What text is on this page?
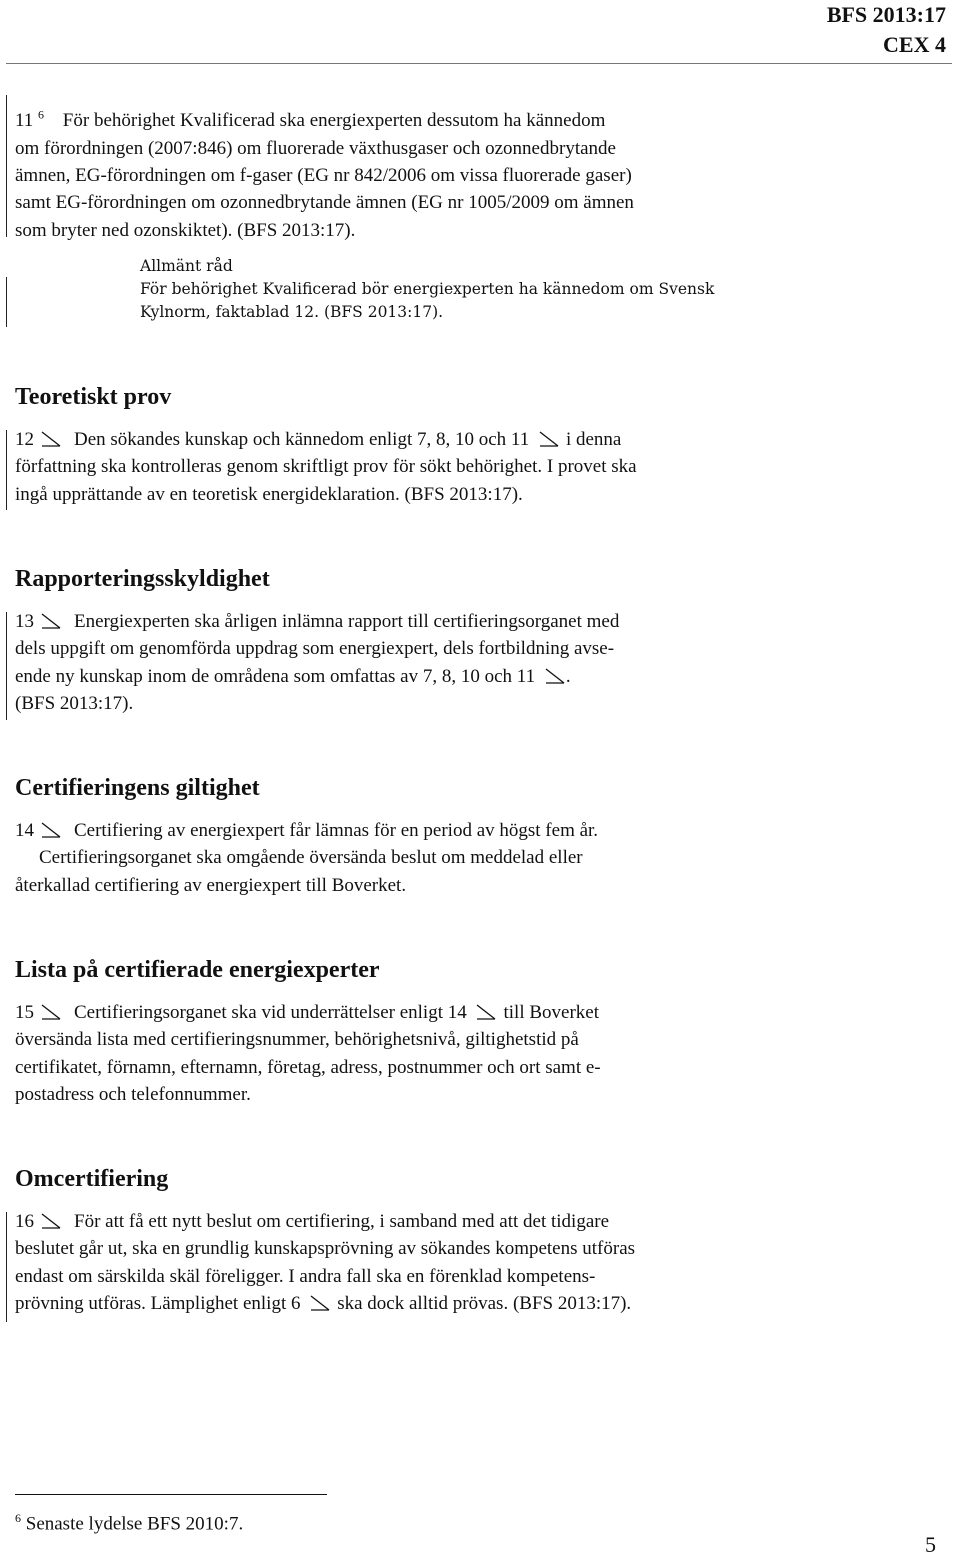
BFS 2013:17
CEX 4
11 $^6$ För behörighet Kvalificerad ska energiexperten dessutom ha kännedom
om förordningen (2007:846) om fluorerade växthusgaser och ozonnedbrytande
ämnen, EG-förordningen om f-gaser (EG nr 842/2006 om vissa fluorerade gaser)
samt EG-förordningen om ozonnedbrytande ämnen (EG nr 1005/2009 om ämnen
som bryter ned ozonskiktet). (BFS 2013:17).
Allmänt råd
För behörighet Kvalificerad bör energiexperten ha kännedom om Svensk
Kylnorm, faktablad 12. (BFS 2013:17).
Teoretiskt prov
12 Den sökandes kunskap och kännedom enligt 7, 8, 10 och 11 i denna
författning ska kontrolleras genom skriftligt prov för sökt behörighet. I provet ska
ingå upprättande av en teoretisk energideklaration. (BFS 2013:17).
Rapporteringsskyldighet
13 Energiexperten ska årligen inlämna rapport till certifieringsorganet med
dels uppgift om genomförda uppdrag som energiexpert, dels fortbildning avse-
ende ny kunskap inom de områdena som omfattas av 7, 8, 10 och 11 .
(BFS 2013:17).
Certifieringens giltighet
14 Certifiering av energiexpert får lämnas för en period av högst fem år.
Certifieringsorganet ska omgående översända beslut om meddelad eller
återkallad certifiering av energiexpert till Boverket.
Lista på certifierade energiexperter
15 Certifieringsorganet ska vid underrättelser enligt 14 till Boverket
översända lista med certifieringsnummer, behörighetsnivå, giltighetstid på
certifikatet, förnamn, efternamn, företag, adress, postnummer och ort samt e-
postadress och telefonnummer.
Omcertifiering
16 För att få ett nytt beslut om certifiering, i samband med att det tidigare
beslutet går ut, ska en grundlig kunskapsprövning av sökandes kompetens utföras
endast om särskilda skäl föreligger. I andra fall ska en förenklad kompetens-
prövning utföras. Lämplighet enligt 6 ska dock alltid prövas. (BFS 2013:17).
$^6$ Senaste lydelse BFS 2010:7.
5
